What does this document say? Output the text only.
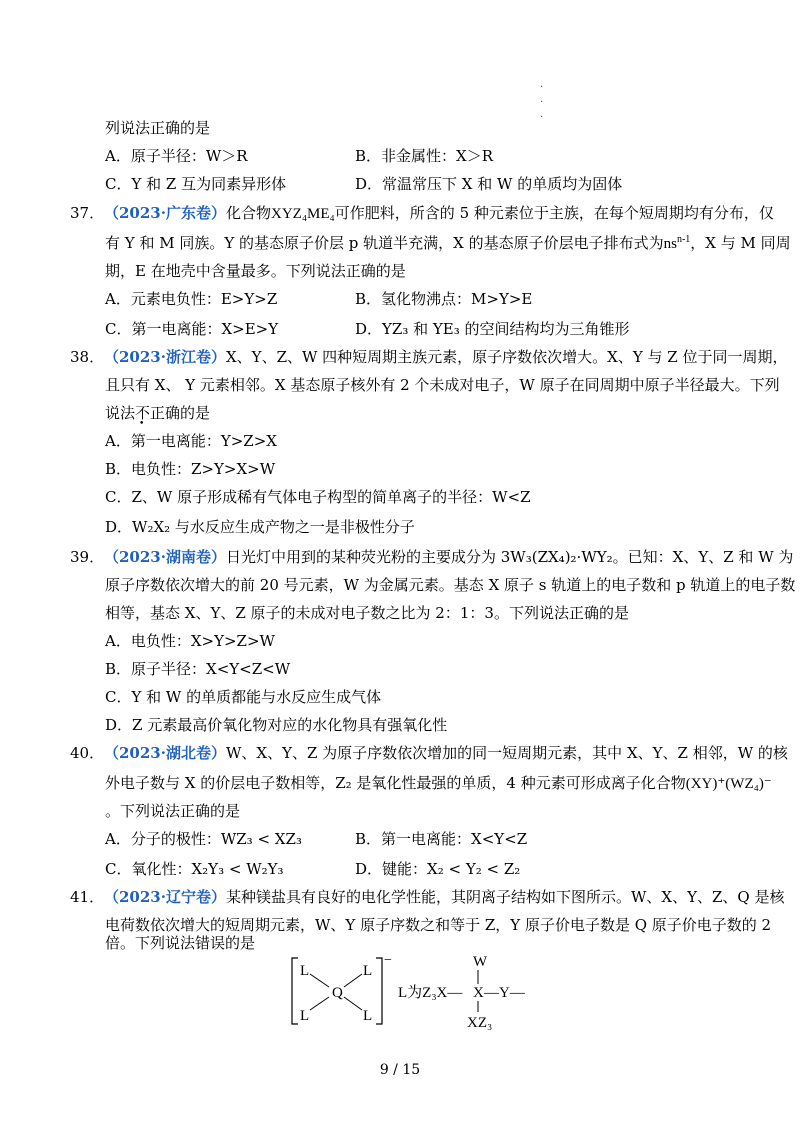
·
·
·
列说法正确的是
A．原子半径：W＞R	B．非金属性：X＞R
C．Y 和 Z 互为同素异形体	D．常温常压下 X 和 W 的单质均为固体
37．（2023·广东卷）化合物XYZ₄ME₄可作肥料，所含的 5 种元素位于主族，在每个短周期均有分布，仅
有 Y 和 M 同族。Y 的基态原子价层 p 轨道半充满，X 的基态原子价层电子排布式为$ns^{n-1}$，X 与 M 同周
期，E 在地壳中含量最多。下列说法正确的是
A．元素电负性：E>Y>Z	B．氢化物沸点：M>Y>E
C．第一电离能：X>E>Y	D．YZ₃ 和 YE₃ 的空间结构均为三角锥形
38．（2023·浙江卷）X、Y、Z、W 四种短周期主族元素，原子序数依次增大。X、Y 与 Z 位于同一周期，
且只有 X、 Y 元素相邻。X 基态原子核外有 2 个未成对电子，W 原子在同周期中原子半径最大。下列
说法不正确的是
A．第一电离能：Y>Z>X
B．电负性：Z>Y>X>W
C．Z、W 原子形成稀有气体电子构型的简单离子的半径：W<Z
D．W₂X₂ 与水反应生成产物之一是非极性分子
39．（2023·湖南卷）日光灯中用到的某种荧光粉的主要成分为 3W₃(ZX₄)₂·WY₂。已知：X、Y、Z 和 W 为
原子序数依次增大的前 20 号元素，W 为金属元素。基态 X 原子 s 轨道上的电子数和 p 轨道上的电子数
相等，基态 X、Y、Z 原子的未成对电子数之比为 2：1：3。下列说法正确的是
A．电负性：X>Y>Z>W
B．原子半径：X<Y<Z<W
C．Y 和 W 的单质都能与水反应生成气体
D．Z 元素最高价氧化物对应的水化物具有强氧化性
40．（2023·湖北卷）W、X、Y、Z 为原子序数依次增加的同一短周期元素，其中 X、Y、Z 相邻，W 的核
外电子数与 X 的价层电子数相等，Z₂ 是氧化性最强的单质，4 种元素可形成离子化合物(XY)⁺(WZ₄)⁻
。下列说法正确的是
A．分子的极性：WZ₃ < XZ₃	B．第一电离能：X<Y<Z
C．氧化性：X₂Y₃ < W₂Y₃	D．键能：X₂ < Y₂ < Z₂
41．（2023·辽宁卷）某种镁盐具有良好的电化学性能，其阴离子结构如下图所示。W、X、Y、Z、Q 是核
电荷数依次增大的短周期元素，W、Y 原子序数之和等于 Z，Y 原子价电子数是 Q 原子价电子数的 2
倍。下列说法错误的是
−
L	L
L	L
Q	L为Z₃X— X —Y—
W
XZ₃
9 / 15
